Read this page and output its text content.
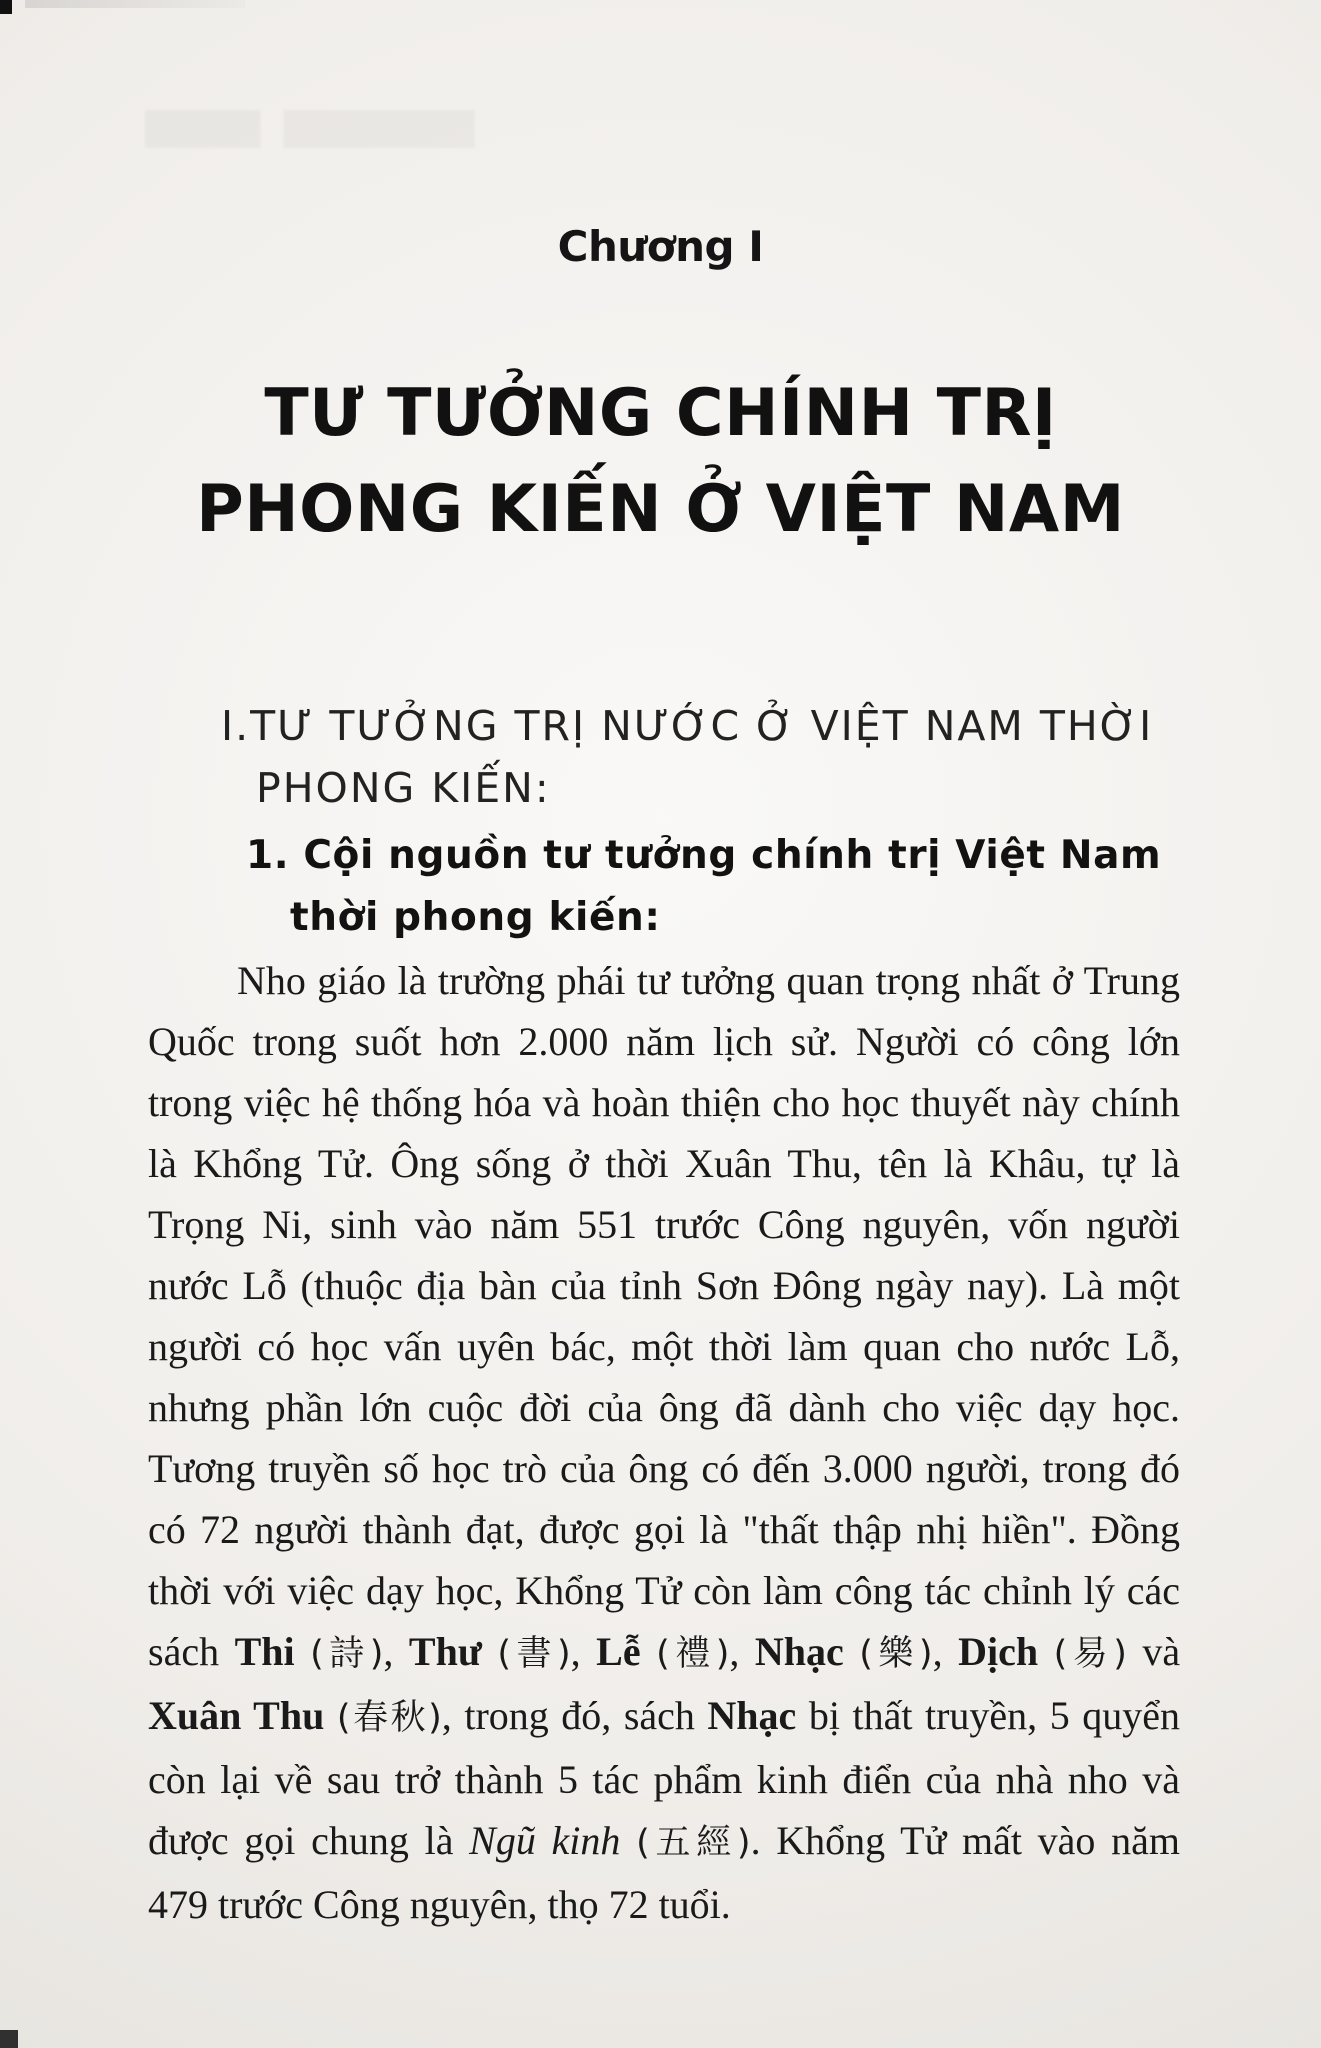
Chương I
TƯ TƯỞNG CHÍNH TRỊ
PHONG KIẾN Ở VIỆT NAM
I.TƯ TƯỞNG TRỊ NƯỚC Ở VIỆT NAM THỜI
PHONG KIẾN:
1. Cội nguồn tư tưởng chính trị Việt Nam
thời phong kiến:
Nho giáo là trường phái tư tưởng quan trọng nhất ở Trung
Quốc trong suốt hơn 2.000 năm lịch sử. Người có công lớn
trong việc hệ thống hóa và hoàn thiện cho học thuyết này chính
là Khổng Tử. Ông sống ở thời Xuân Thu, tên là Khâu, tự là
Trọng Ni, sinh vào năm 551 trước Công nguyên, vốn người
nước Lỗ (thuộc địa bàn của tỉnh Sơn Đông ngày nay). Là một
người có học vấn uyên bác, một thời làm quan cho nước Lỗ,
nhưng phần lớn cuộc đời của ông đã dành cho việc dạy học.
Tương truyền số học trò của ông có đến 3.000 người, trong đó
có 72 người thành đạt, được gọi là "thất thập nhị hiền". Đồng
thời với việc dạy học, Khổng Tử còn làm công tác chỉnh lý các
sách Thi (詩), Thư (書), Lễ (禮), Nhạc (樂), Dịch (易) và
Xuân Thu (春秋), trong đó, sách Nhạc bị thất truyền, 5 quyển
còn lại về sau trở thành 5 tác phẩm kinh điển của nhà nho và
được gọi chung là Ngũ kinh (五經). Khổng Tử mất vào năm
479 trước Công nguyên, thọ 72 tuổi.
